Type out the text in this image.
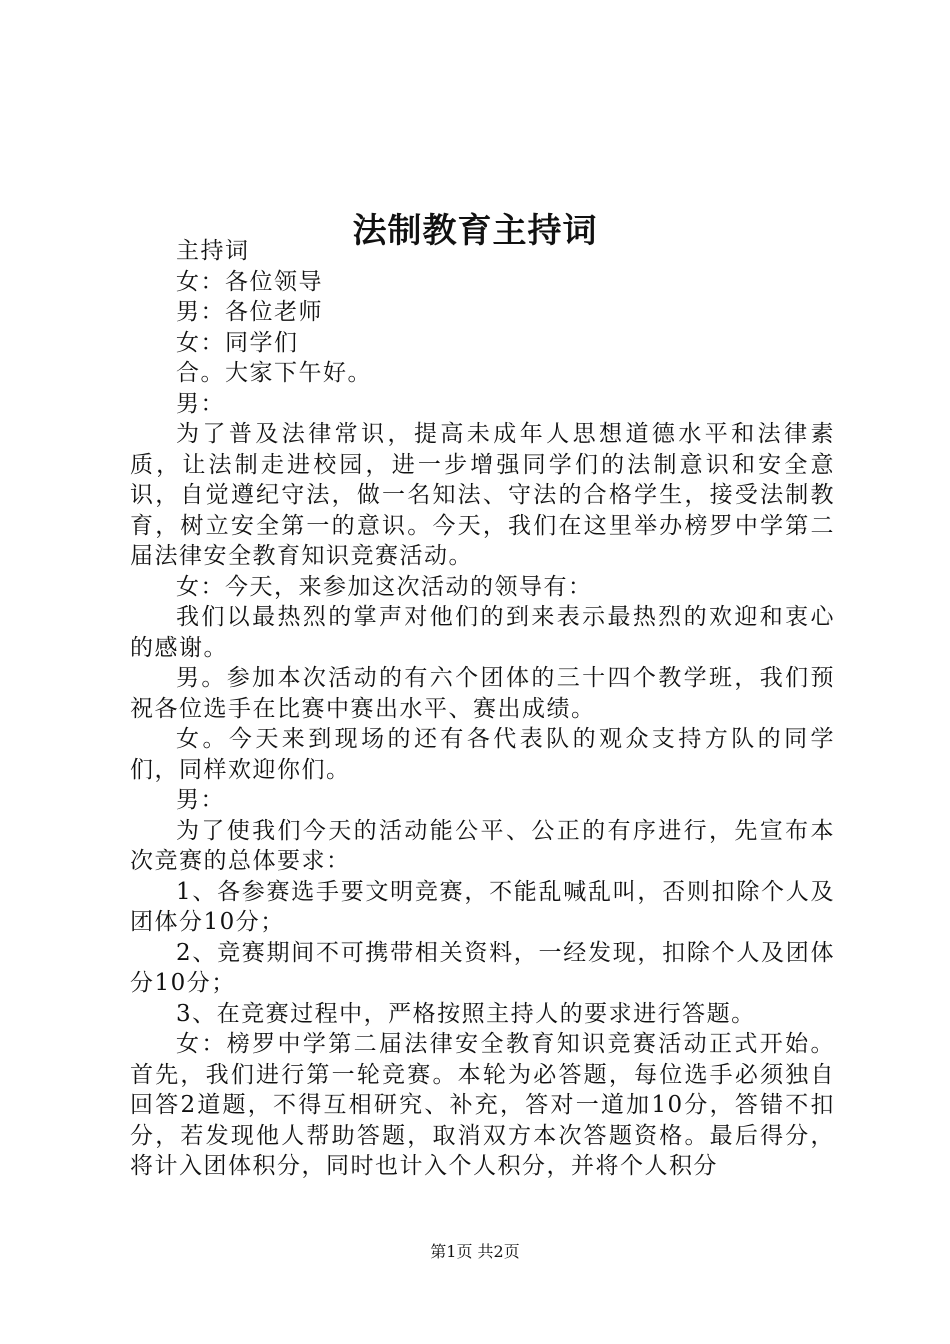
法制教育主持词

主持词

女：各位领导

男：各位老师

女：同学们

合。大家下午好。

男：

为了普及法律常识，提高未成年人思想道德水平和法律素质，让法制走进校园，进一步增强同学们的法制意识和安全意识，自觉遵纪守法，做一名知法、守法的合格学生，接受法制教育，树立安全第一的意识。今天，我们在这里举办榜罗中学第二届法律安全教育知识竞赛活动。

女：今天，来参加这次活动的领导有：

我们以最热烈的掌声对他们的到来表示最热烈的欢迎和衷心的感谢。

男。参加本次活动的有六个团体的三十四个教学班，我们预祝各位选手在比赛中赛出水平、赛出成绩。

女。今天来到现场的还有各代表队的观众支持方队的同学们，同样欢迎你们。

男：

为了使我们今天的活动能公平、公正的有序进行，先宣布本次竞赛的总体要求：

1、各参赛选手要文明竞赛，不能乱喊乱叫，否则扣除个人及团体分10分；

2、竞赛期间不可携带相关资料，一经发现，扣除个人及团体分10分；

3、在竞赛过程中，严格按照主持人的要求进行答题。

女：榜罗中学第二届法律安全教育知识竞赛活动正式开始。首先，我们进行第一轮竞赛。本轮为必答题，每位选手必须独自回答2道题，不得互相研究、补充，答对一道加10分，答错不扣分，若发现他人帮助答题，取消双方本次答题资格。最后得分，将计入团体积分，同时也计入个人积分，并将个人积分

第1页 共2页
